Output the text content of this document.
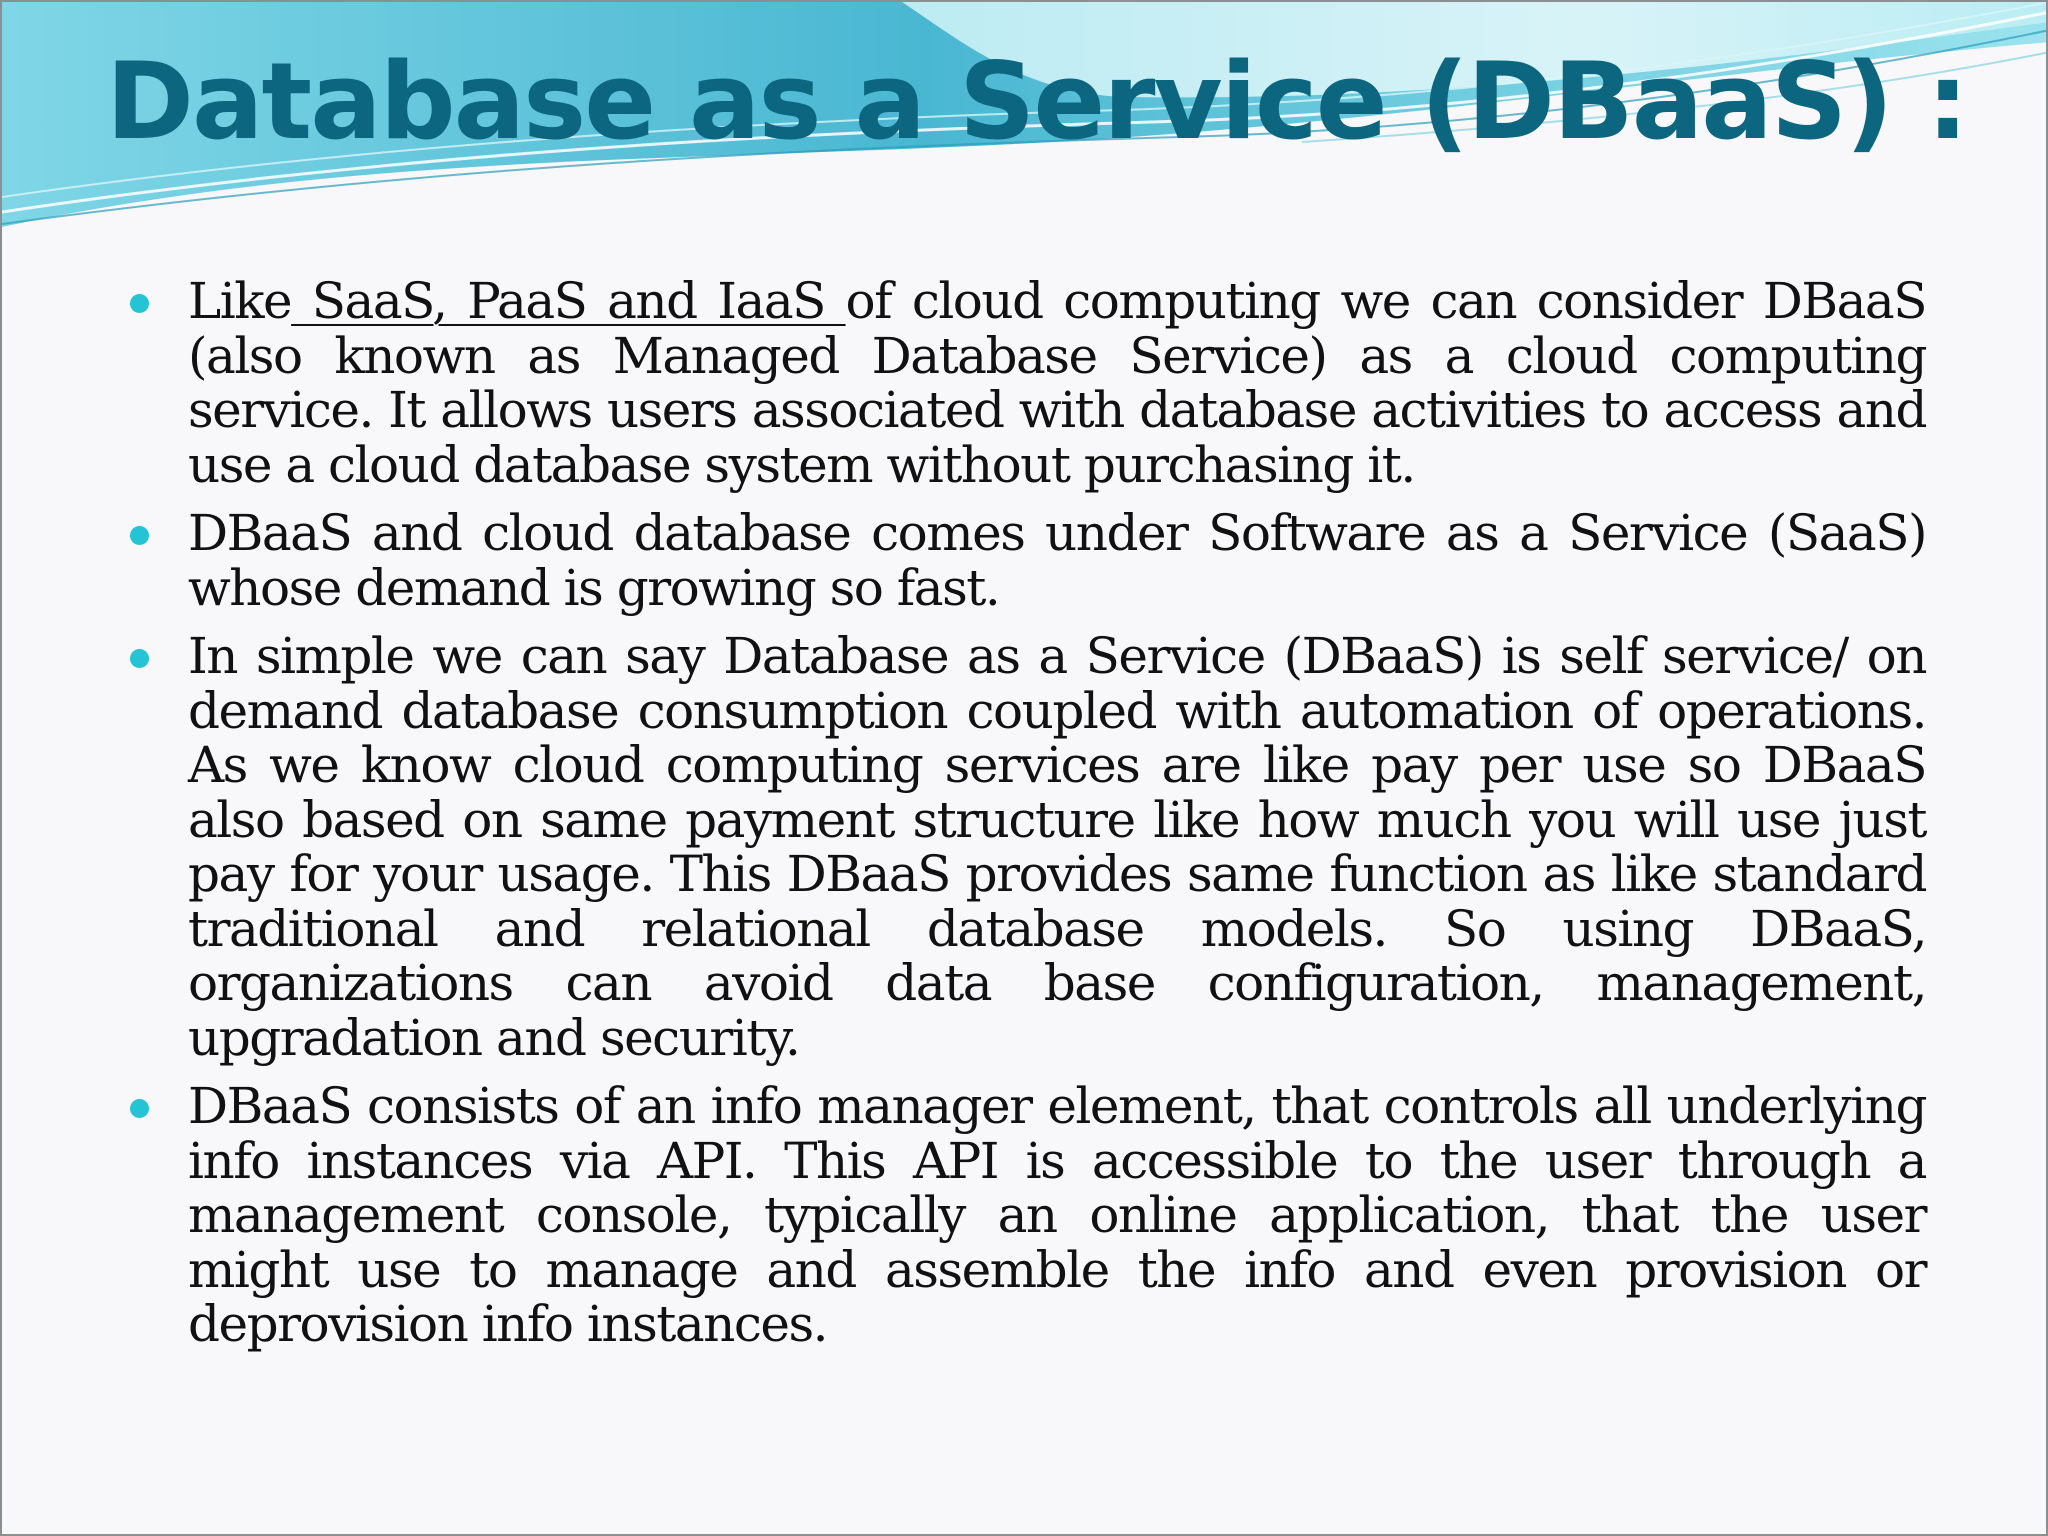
Database as a Service (DBaaS) :
Like SaaS, PaaS and IaaS of cloud computing we can consider DBaaS (also known as Managed Database Service) as a cloud computing service. It allows users associated with database activities to access and use a cloud database system without purchasing it.
DBaaS and cloud database comes under Software as a Service (SaaS) whose demand is growing so fast.
In simple we can say Database as a Service (DBaaS) is self service/ on demand database consumption coupled with automation of operations. As we know cloud computing services are like pay per use so DBaaS also based on same payment structure like how much you will use just pay for your usage. This DBaaS provides same function as like standard traditional and relational database models. So using DBaaS, organizations can avoid data base configuration, management, upgradation and security.
DBaaS consists of an info manager element, that controls all underlying info instances via API. This API is accessible to the user through a management console, typically an online application, that the user might use to manage and assemble the info and even provision or deprovision info instances.
